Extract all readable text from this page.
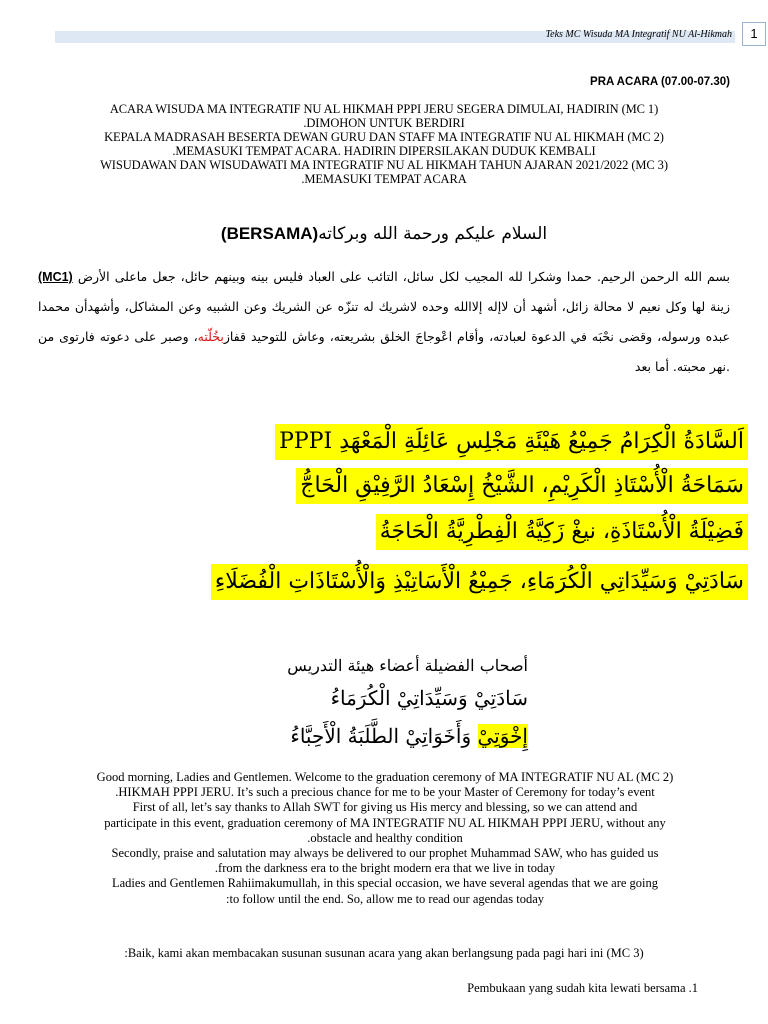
Teks MC Wisuda MA Integratif NU Al-Hikmah	1
PRA ACARA (07.00-07.30)

ACARA WISUDA MA INTEGRATIF NU AL HIKMAH PPPI JERU SEGERA DIMULAI, HADIRIN (MC 1)

.DIMOHON UNTUK BERDIRI

KEPALA MADRASAH BESERTA DEWAN GURU DAN STAFF MA INTEGRATIF NU AL HIKMAH (MC 2)

.MEMASUKI TEMPAT ACARA. HADIRIN DIPERSILAKAN DUDUK KEMBALI

WISUDAWAN DAN WISUDAWATI MA INTEGRATIF NU AL HIKMAH TAHUN AJARAN 2021/2022 (MC 3)

.MEMASUKI TEMPAT ACARA

السلام عليكم ورحمة الله وبركاته(BERSAMA)
(MC1) بسم الله الرحمن الرحيم. حمدا وشكرا لله المجيب لكل سائل، التائب على العباد فليس بينه وبينهم حائل، جعل ماعلى الأرض زينة لها وكل نعيم لا محالة زائل، أشهد أن لاإله إلاالله وحده لاشريك له تنزّه عن الشريك وعن الشبيه وعن المشاكل، وأشهدأن محمدا عبده ورسوله، وقضى نحْبَه في الدعوة لعبادته، وأقام اعْوجاجَ الخلق بشريعته، وعاش للتوحيد قفازبخُلّته، وصبر على دعوته فارتوى من نهر محبته. أما بعد.
اَلسَّادَةُ الْكِرَامُ جَمِيْعُ هَيْئَةِ مَجْلِسِ عَائِلَةِ الْمَعْهَدِ PPPI
سَمَاحَةُ الْأُسْتَاذِ الْكَرِيْمِ، الشَّيْخُ إِسْعَادُ الرَّفِيْقِ الْحَاجُّ
فَضِيْلَةُ الْأُسْتَاذَةِ، نيغْ زَكِيَّةُ الْفِطْرِيَّةُ الْحَاجَةُ
سَادَتِيْ وَسَيِّدَاتِي الْكُرَمَاءِ، جَمِيْعُ الْأَسَاتِيْذِ وَالْأُسْتَاذَاتِ الْفُضَلَاءِ
أصحاب الفضيلة أعضاء هيئة التدريس
سَادَتِيْ وَسَيِّدَاتِيْ الْكُرَمَاءُ
إِخْوَتِيْ وَأَخَوَاتِيْ الطَّلَبَةُ الْأَحِبَّاءُ

Good morning, Ladies and Gentlemen. Welcome to the graduation ceremony of MA INTEGRATIF NU AL (MC 2)

.HIKMAH PPPI JERU. It’s such a precious chance for me to be your Master of Ceremony for today’s event

First of all, let’s say thanks to Allah SWT for giving us His mercy and blessing, so we can attend and

participate in this event, graduation ceremony of MA INTEGRATIF NU AL HIKMAH PPPI JERU, without any

.obstacle and healthy condition

Secondly, praise and salutation may always be delivered to our prophet Muhammad SAW, who has guided us

.from the darkness era to the bright modern era that we live in today

Ladies and Gentlemen Rahiimakumullah, in this special occasion, we have several agendas that we are going

:to follow until the end. So, allow me to read our agendas today

:Baik, kami akan membacakan susunan susunan acara yang akan berlangsung pada pagi hari ini (MC 3)
Pembukaan yang sudah kita lewati bersama .1
